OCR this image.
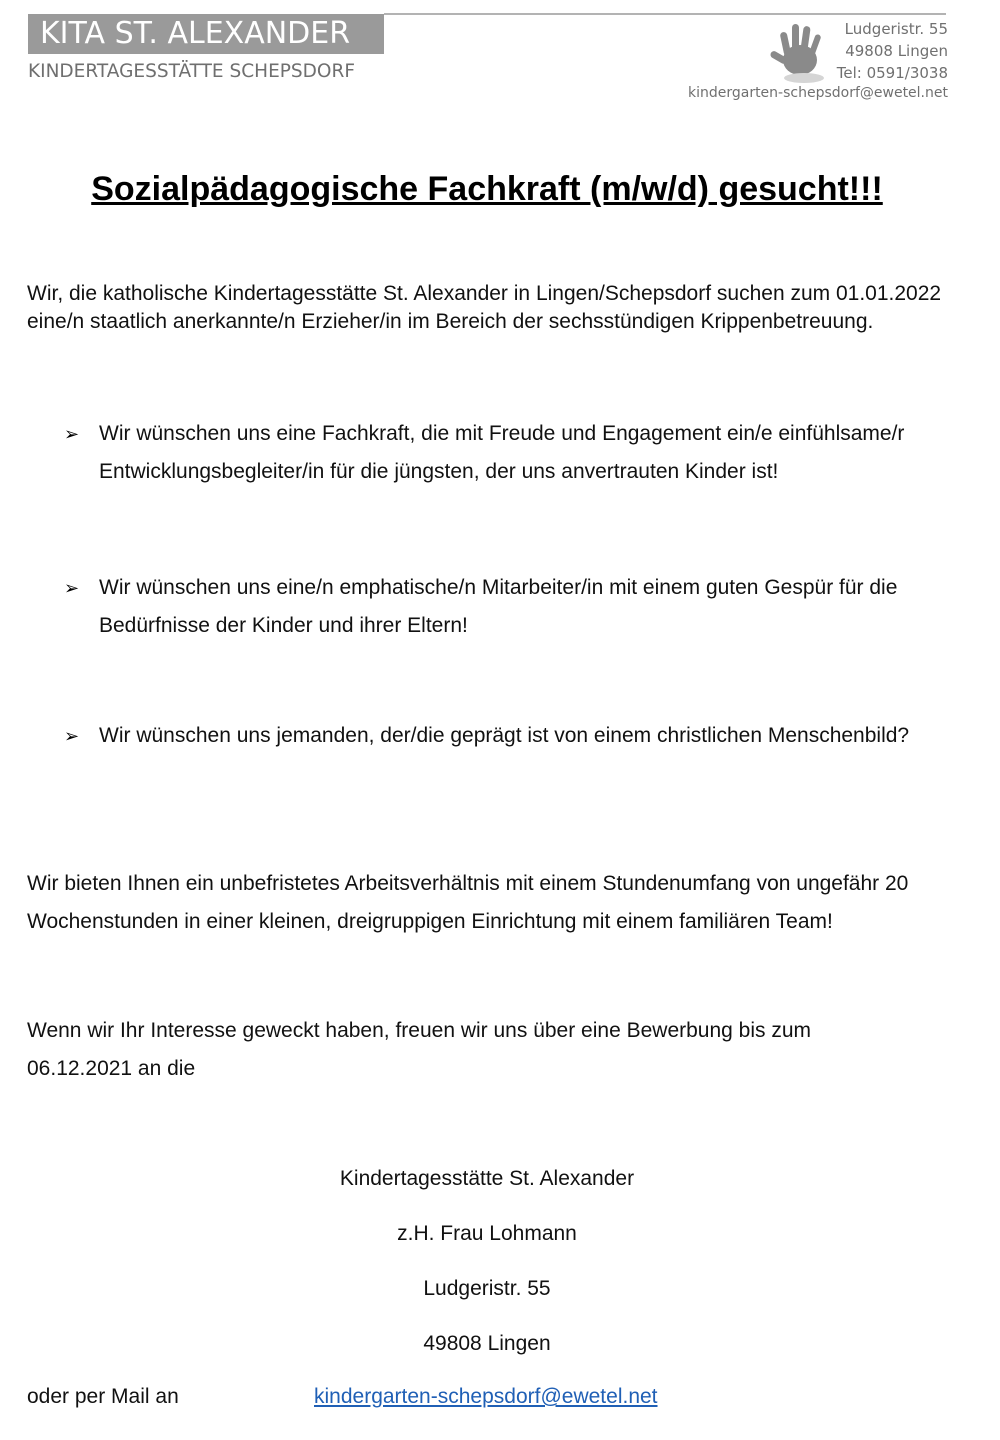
KITA ST. ALEXANDER
KINDERTAGESSTÄTTE SCHEPSDORF
Ludgeristr. 55
49808 Lingen
Tel: 0591/3038
kindergarten-schepsdorf@ewetel.net
Sozialpädagogische Fachkraft (m/w/d) gesucht!!!
Wir, die katholische Kindertagesstätte St. Alexander in Lingen/Schepsdorf suchen zum 01.01.2022 eine/n staatlich anerkannte/n Erzieher/in im Bereich der sechsstündigen Krippenbetreuung.
➢ Wir wünschen uns eine Fachkraft, die mit Freude und Engagement ein/e einfühlsame/r Entwicklungsbegleiter/in für die jüngsten, der uns anvertrauten Kinder ist!
➢ Wir wünschen uns eine/n emphatische/n Mitarbeiter/in mit einem guten Gespür für die Bedürfnisse der Kinder und ihrer Eltern!
➢ Wir wünschen uns jemanden, der/die geprägt ist von einem christlichen Menschenbild?
Wir bieten Ihnen ein unbefristetes Arbeitsverhältnis mit einem Stundenumfang von ungefähr 20 Wochenstunden in einer kleinen, dreigruppigen Einrichtung mit einem familiären Team!
Wenn wir Ihr Interesse geweckt haben, freuen wir uns über eine Bewerbung bis zum 06.12.2021 an die
Kindertagesstätte St. Alexander
z.H. Frau Lohmann
Ludgeristr. 55
49808 Lingen
oder per Mail an	kindergarten-schepsdorf@ewetel.net
